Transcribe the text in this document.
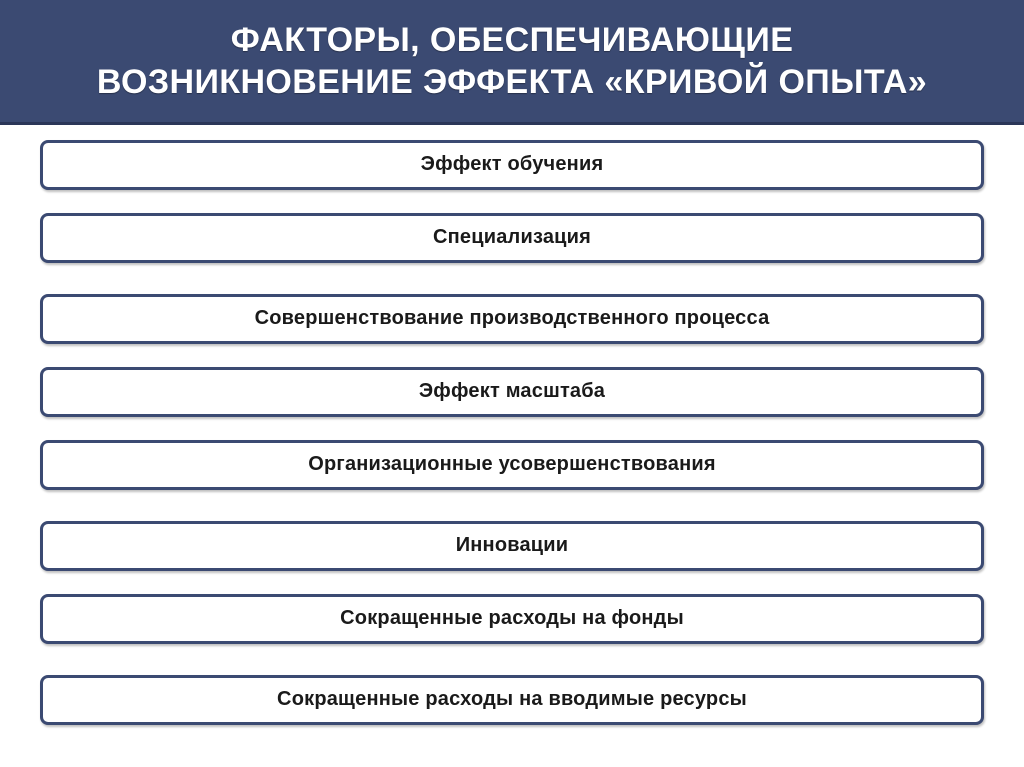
ФАКТОРЫ, ОБЕСПЕЧИВАЮЩИЕ
ВОЗНИКНОВЕНИЕ ЭФФЕКТА «КРИВОЙ ОПЫТА»
Эффект обучения
Специализация
Совершенствование производственного процесса
Эффект масштаба
Организационные усовершенствования
Инновации
Сокращенные расходы на фонды
Сокращенные расходы на вводимые ресурсы
